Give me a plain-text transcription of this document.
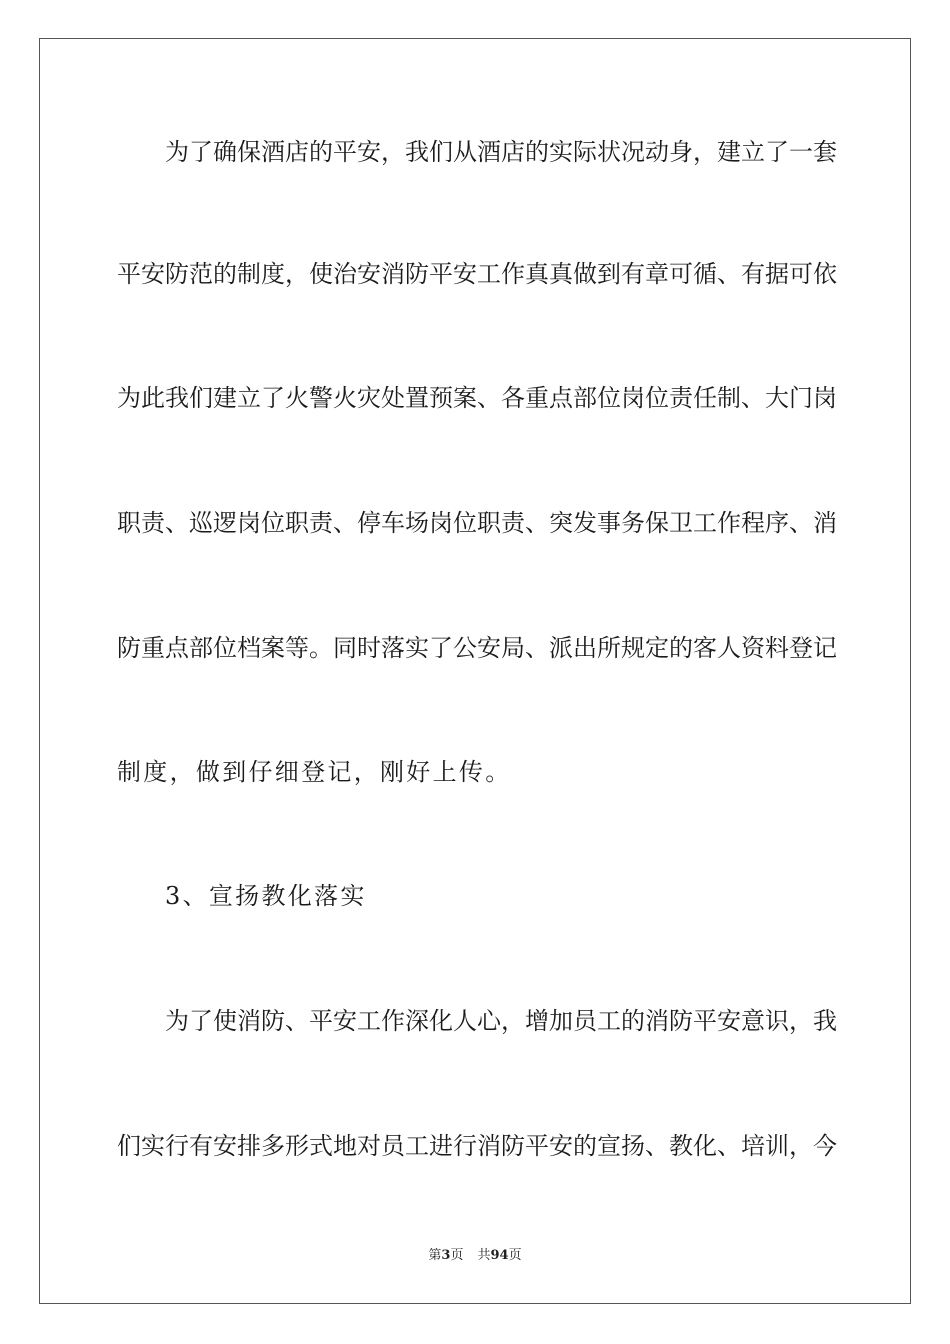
为了确保酒店的平安，我们从酒店的实际状况动身，建立了一套
平安防范的制度，使治安消防平安工作真真做到有章可循、有据可依
为此我们建立了火警火灾处置预案、各重点部位岗位责任制、大门岗
职责、巡逻岗位职责、停车场岗位职责、突发事务保卫工作程序、消
防重点部位档案等。同时落实了公安局、派出所规定的客人资料登记
制度，做到仔细登记，刚好上传。
3、宣扬教化落实
为了使消防、平安工作深化人心，增加员工的消防平安意识，我
们实行有安排多形式地对员工进行消防平安的宣扬、教化、培训，今
第3页 共94页
